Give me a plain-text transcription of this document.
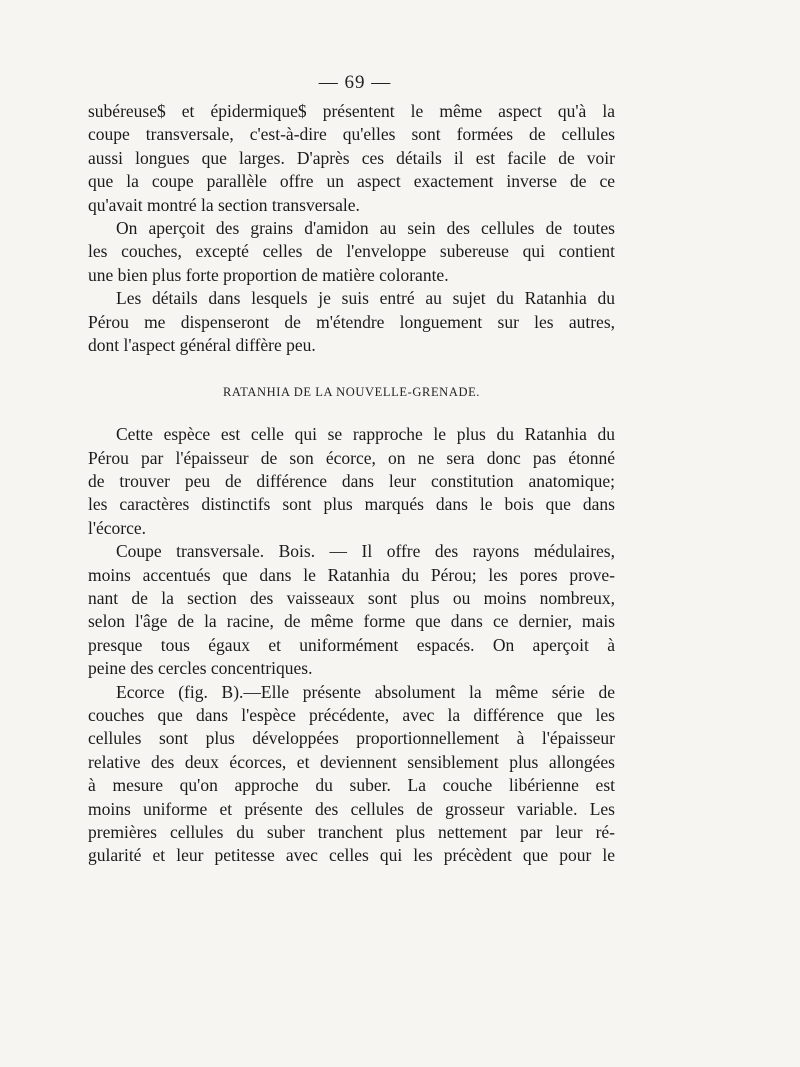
— 69 —
subéreuse$ et épidermique$ présentent le même aspect qu'à la
coupe transversale, c'est-à-dire qu'elles sont formées de cellules
aussi longues que larges. D'après ces détails il est facile de voir
que la coupe parallèle offre un aspect exactement inverse de ce
qu'avait montré la section transversale.
On aperçoit des grains d'amidon au sein des cellules de toutes
les couches, excepté celles de l'enveloppe subereuse qui contient
une bien plus forte proportion de matière colorante.
Les détails dans lesquels je suis entré au sujet du Ratanhia du
Pérou me dispenseront de m'étendre longuement sur les autres,
dont l'aspect général diffère peu.
RATANHIA DE LA NOUVELLE-GRENADE.
Cette espèce est celle qui se rapproche le plus du Ratanhia du
Pérou par l'épaisseur de son écorce, on ne sera donc pas étonné
de trouver peu de différence dans leur constitution anatomique;
les caractères distinctifs sont plus marqués dans le bois que dans
l'écorce.
Coupe transversale. Bois. — Il offre des rayons médulaires,
moins accentués que dans le Ratanhia du Pérou; les pores prove-
nant de la section des vaisseaux sont plus ou moins nombreux,
selon l'âge de la racine, de même forme que dans ce dernier, mais
presque tous égaux et uniformément espacés. On aperçoit à
peine des cercles concentriques.
Ecorce (fig. B).—Elle présente absolument la même série de
couches que dans l'espèce précédente, avec la différence que les
cellules sont plus développées proportionnellement à l'épaisseur
relative des deux écorces, et deviennent sensiblement plus allongées
à mesure qu'on approche du suber. La couche libérienne est
moins uniforme et présente des cellules de grosseur variable. Les
premières cellules du suber tranchent plus nettement par leur ré-
gularité et leur petitesse avec celles qui les précèdent que pour le
